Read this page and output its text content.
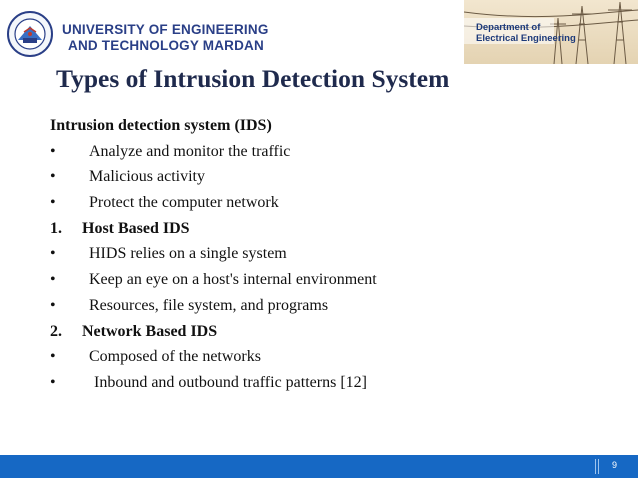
UNIVERSITY OF ENGINEERING
AND TECHNOLOGY MARDAN
Department of
Electrical Engineering
Types of Intrusion Detection System
Intrusion detection system (IDS)
• Analyze and monitor the traffic
• Malicious activity
• Protect the computer network
1. Host Based IDS
• HIDS relies on a single system
• Keep an eye on a host's internal environment
• Resources, file system, and programs
2. Network Based IDS
• Composed of the networks
• Inbound and outbound traffic patterns [12]
9
